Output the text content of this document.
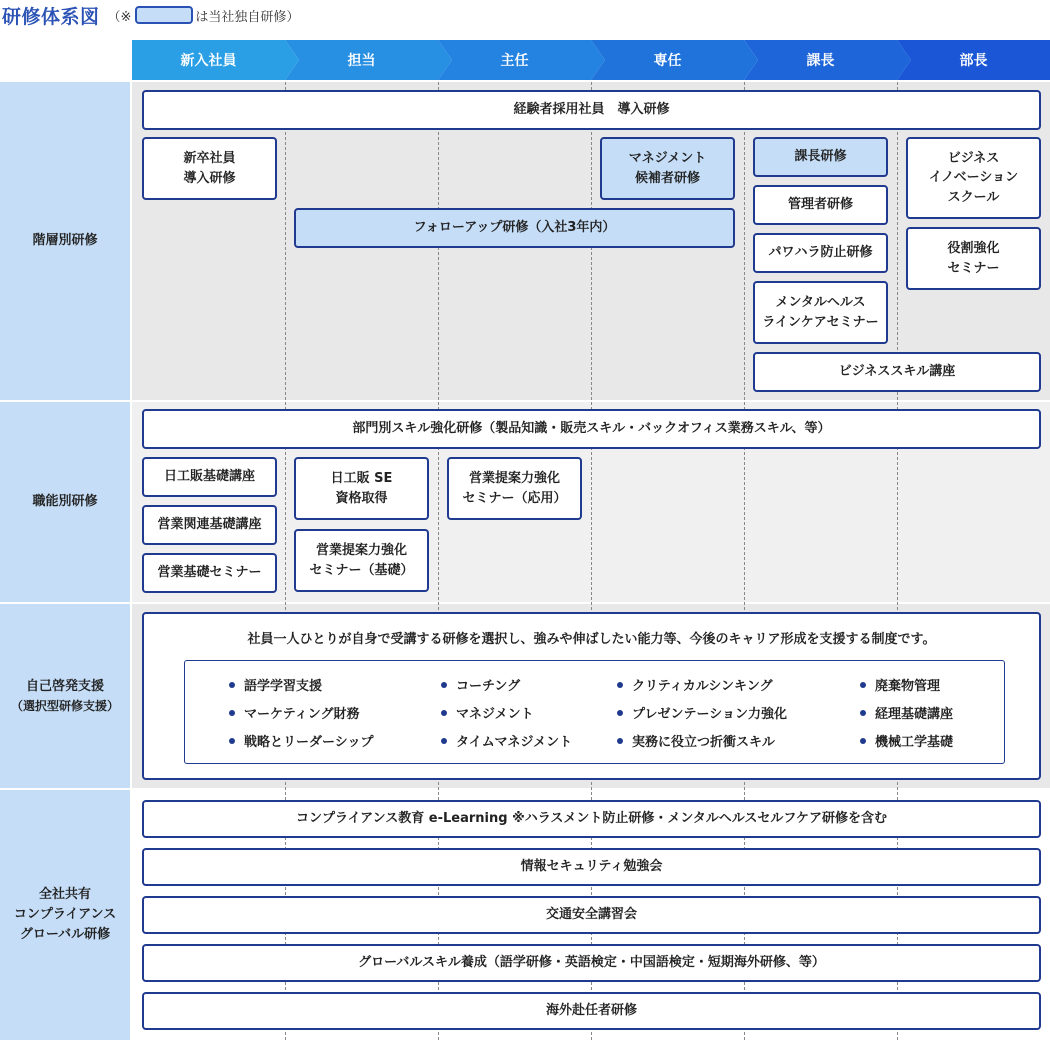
研修体系図 （※	は当社独自研修）
新入社員	担当	主任	専任	課長	部長
階層別研修
職能別研修
自己啓発支援
（選択型研修支援）
全社共有
コンプライアンス
グローバル研修
経験者採用社員　導入研修
新卒社員
導入研修
マネジメント
候補者研修
課長研修	ビジネス
イノベーション
スクール
フォローアップ研修（入社3年内）
管理者研修
役割強化
セミナー
パワハラ防止研修
メンタルヘルス
ラインケアセミナー
ビジネススキル講座
部門別スキル強化研修（製品知識・販売スキル・バックオフィス業務スキル、等）
日工販基礎講座
営業関連基礎講座
営業基礎セミナー
日工販 SE
資格取得
営業提案力強化
セミナー（基礎）
営業提案力強化
セミナー（応用）
社員一人ひとりが自身で受講する研修を選択し、強みや伸ばしたい能力等、今後のキャリア形成を支援する制度です。
語学学習支援
マーケティング財務
戦略とリーダーシップ
コーチング
マネジメント
タイムマネジメント
クリティカルシンキング
プレゼンテーション力強化
実務に役立つ折衝スキル
廃棄物管理
経理基礎講座
機械工学基礎
コンプライアンス教育 e-Learning ※ハラスメント防止研修・メンタルヘルスセルフケア研修を含む
情報セキュリティ勉強会
交通安全講習会
グローバルスキル養成（語学研修・英語検定・中国語検定・短期海外研修、等）
海外赴任者研修
